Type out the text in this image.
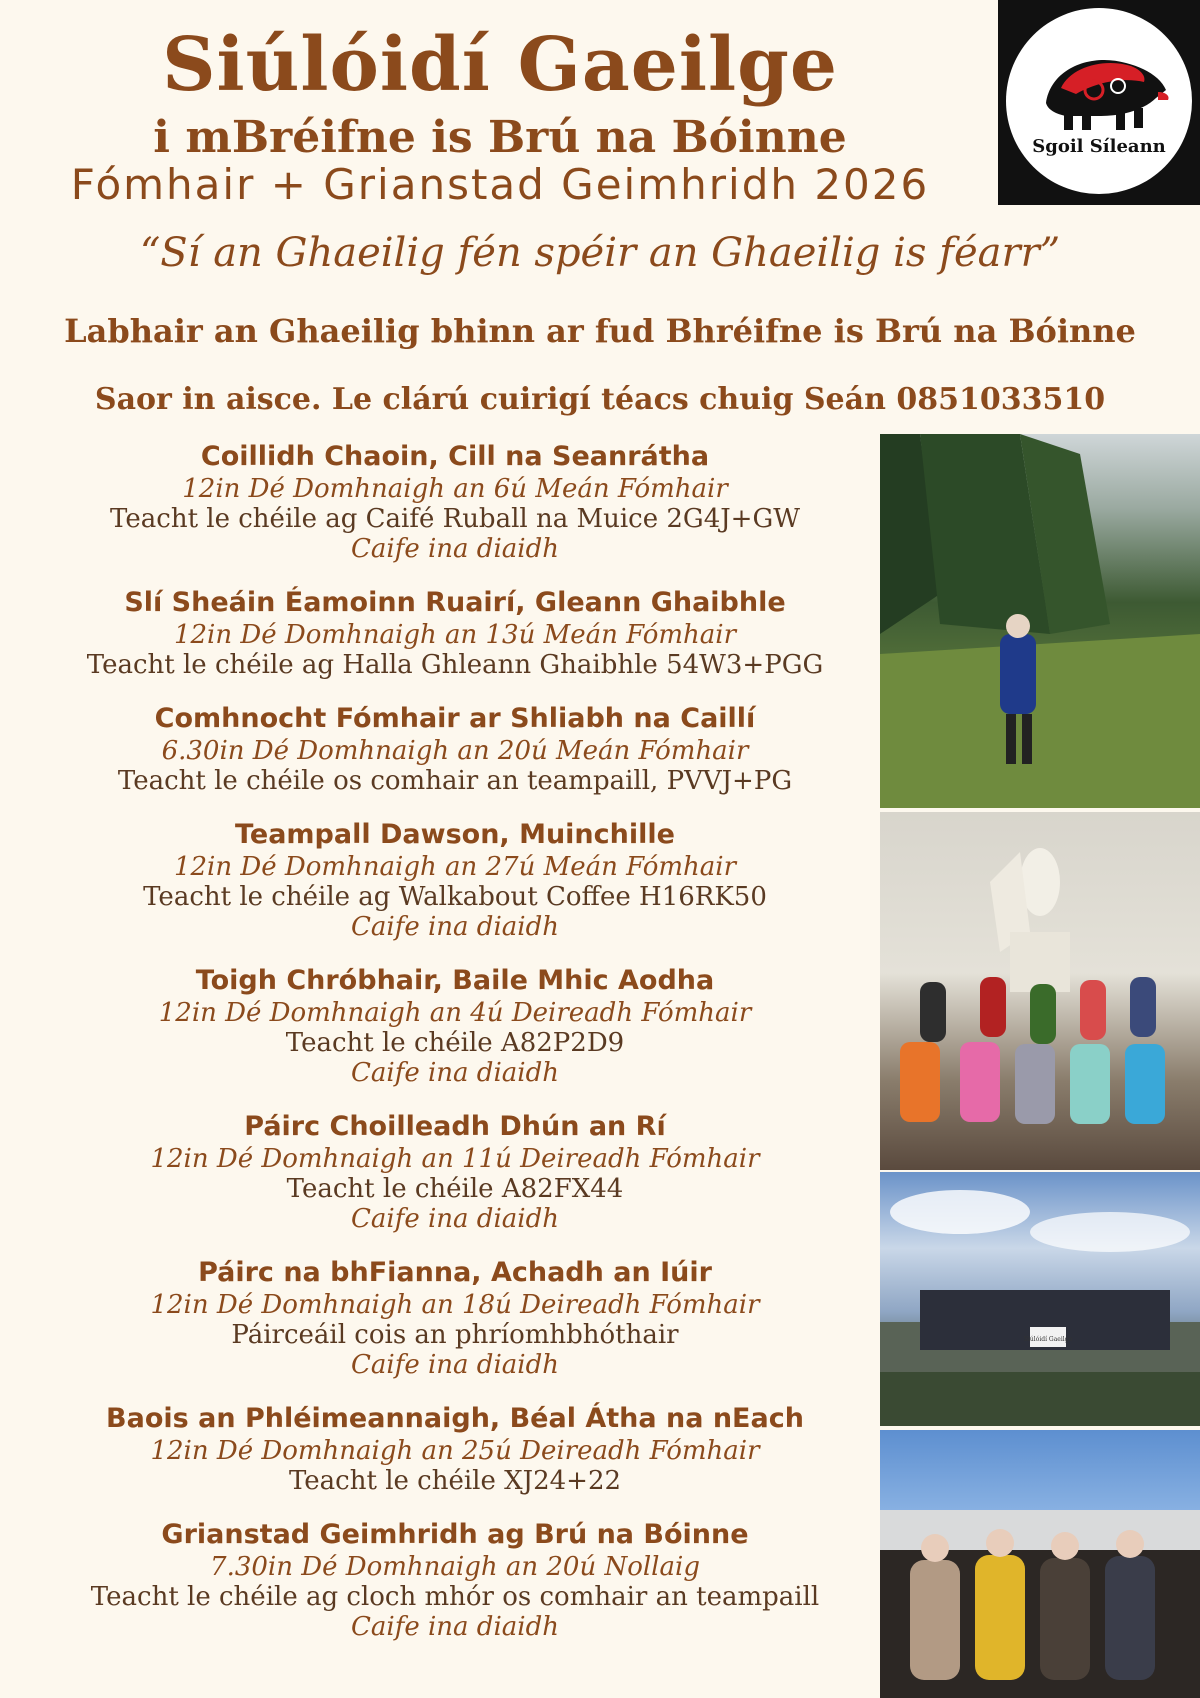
Siúlóidí Gaeilge
i mBréifne is Brú na Bóinne
Fómhair + Grianstad Geimhridh 2026
Sgoil Síleann
“Sí an Ghaeilig fén spéir an Ghaeilig is féarr”
Labhair an Ghaeilig bhinn ar fud Bhréifne is Brú na Bóinne
Saor in aisce. Le clárú cuirigí téacs chuig Seán 0851033510
Coillidh Chaoin, Cill na Seanrátha
12in Dé Domhnaigh an 6ú Meán Fómhair
Teacht le chéile ag Caifé Ruball na Muice 2G4J+GW
Caife ina diaidh
Slí Sheáin Éamoinn Ruairí, Gleann Ghaibhle
12in Dé Domhnaigh an 13ú Meán Fómhair
Teacht le chéile ag Halla Ghleann Ghaibhle 54W3+PGG
Comhnocht Fómhair ar Shliabh na Caillí
6.30in Dé Domhnaigh an 20ú Meán Fómhair
Teacht le chéile os comhair an teampaill, PVVJ+PG
Teampall Dawson, Muinchille
12in Dé Domhnaigh an 27ú Meán Fómhair
Teacht le chéile ag Walkabout Coffee H16RK50
Caife ina diaidh
Toigh Chróbhair, Baile Mhic Aodha
12in Dé Domhnaigh an 4ú Deireadh Fómhair
Teacht le chéile A82P2D9
Caife ina diaidh
Páirc Choilleadh Dhún an Rí
12in Dé Domhnaigh an 11ú Deireadh Fómhair
Teacht le chéile A82FX44
Caife ina diaidh
Páirc na bhFianna, Achadh an Iúir
12in Dé Domhnaigh an 18ú Deireadh Fómhair
Páirceáil cois an phríomhbhóthair
Caife ina diaidh
Baois an Phléimeannaigh, Béal Átha na nEach
12in Dé Domhnaigh an 25ú Deireadh Fómhair
Teacht le chéile XJ24+22
Grianstad Geimhridh ag Brú na Bóinne
7.30in Dé Domhnaigh an 20ú Nollaig
Teacht le chéile ag cloch mhór os comhair an teampaill
Caife ina diaidh
Siúlóidí Gaeilge
